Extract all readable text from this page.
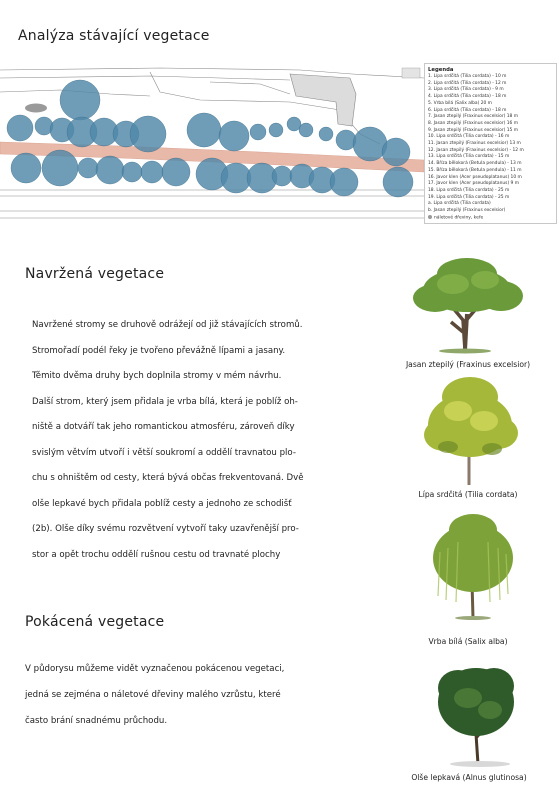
Analýza stávající vegetace
Legenda
1. Lípa srdčitá (Tilia cordata) - 10 m
2. Lípa srdčitá (Tilia cordata) - 12 m
3. Lípa srdčitá (Tilia cordata) - 9 m
4. Lípa srdčitá (Tilia cordata) - 18 m
5. Vrba bílá (Salix alba) 20 m
6. Lípa srdčitá (Tilia cordata) - 18 m
7. Jasan ztepilý (Fraxinus excelsior) 18 m
8. Jasan ztepilý (Fraxinus excelsior) 16 m
9. Jasan ztepilý (Fraxinus excelsior) 15 m
10. Lípa srdčitá (Tilia cordata) - 16 m
11. Jasan ztepilý (Fraxinus excelsior) 13 m
12. Jasan ztepilý (Fraxinus excelsior) - 12 m
13. Lípa srdčitá (Tilia cordata) - 15 m
14. Bříza bělokorá (Betula pendula) - 13 m
15. Bříza bělokorá (Betula pendula) - 11 m
16. Javor klen (Acer pseudoplatanus) 10 m
17. Javor klen (Acer pseudoplatanus) 9 m
18. Lípa srdčitá (Tilia cordata) - 25 m
19. Lípa srdčitá (Tilia cordata) - 25 m
a. Lípa srdčitá (Tilia cordata)
b. Jasan ztepilý (Fraxinus excelsior)
náletové dřeviny, keře
Navržená vegetace
Navržené stromy se druhově odrážejí od již stávajících stromů.
Stromořadí podél řeky je tvořeno převážně lípami a jasany.
Těmito dvěma druhy bych doplnila stromy v mém návrhu.
Další strom, který jsem přidala je vrba bílá, která je poblíž oh-
niště a dotváří tak jeho romantickou atmosféru, zároveň díky
svislým větvím utvoří i větší soukromí a oddělí travnatou plo-
chu s ohništěm od cesty, která bývá občas frekventovaná. Dvě
olše lepkavé bych přidala poblíž cesty a jednoho ze schodišť
(2b). Olše díky svému rozvětvení vytvoří taky uzavřenější pro-
stor a opět trochu oddělí rušnou cestu od travnaté plochy
Pokácená vegetace
V půdorysu můžeme vidět vyznačenou pokácenou vegetaci,
jedná se zejména o náletové dřeviny malého vzrůstu, které
často brání snadnému průchodu.
Jasan ztepilý (Fraxinus excelsior)
Lípa srdčitá (Tilia cordata)
Vrba bílá (Salix alba)
Olše lepkavá (Alnus glutinosa)
